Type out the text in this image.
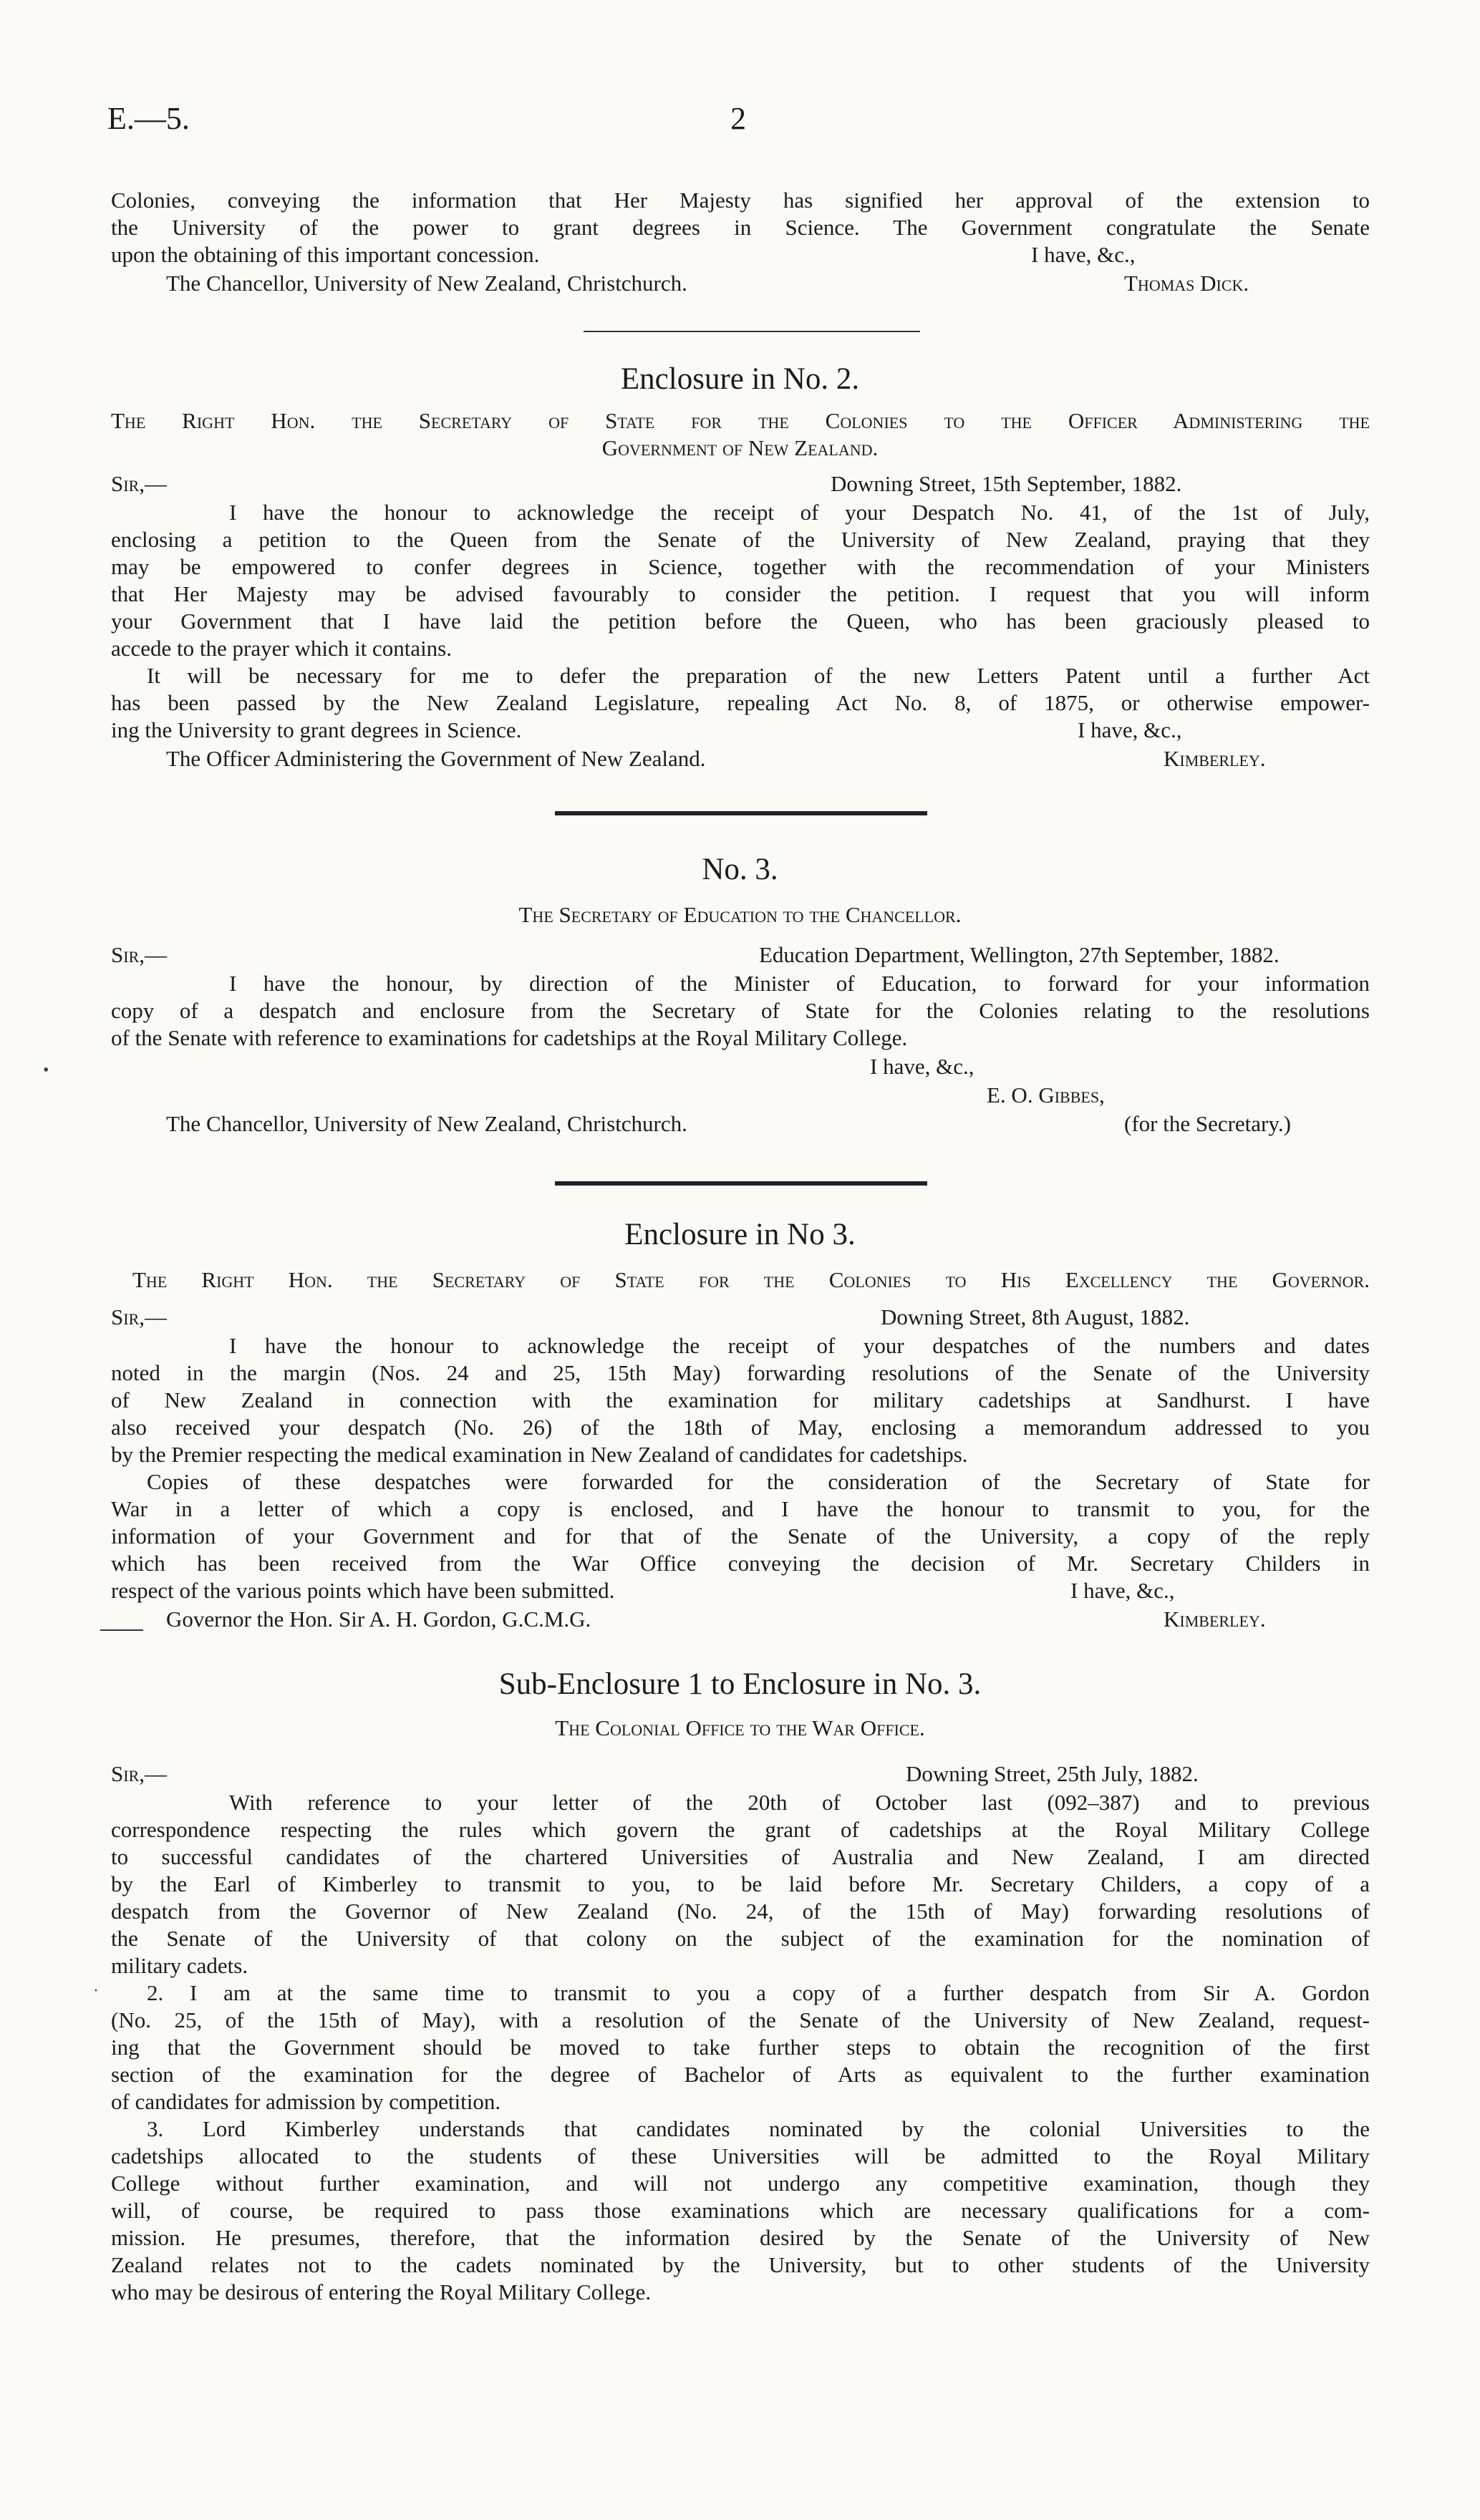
E.—5.	2
Colonies, conveying the information that Her Majesty has signified her approval of the extension to
the University of the power to grant degrees in Science. The Government congratulate the Senate
upon the obtaining of this important concession.	I have, &c.,
The Chancellor, University of New Zealand, Christchurch.	Thomas Dick.
Enclosure in No. 2.
The Right Hon. the Secretary of State for the Colonies to the Officer Administering the
Government of New Zealand.
Sir,—	Downing Street, 15th September, 1882.
I have the honour to acknowledge the receipt of your Despatch No. 41, of the 1st of July,
enclosing a petition to the Queen from the Senate of the University of New Zealand, praying that they
may be empowered to confer degrees in Science, together with the recommendation of your Ministers
that Her Majesty may be advised favourably to consider the petition. I request that you will inform
your Government that I have laid the petition before the Queen, who has been graciously pleased to
accede to the prayer which it contains.
It will be necessary for me to defer the preparation of the new Letters Patent until a further Act
has been passed by the New Zealand Legislature, repealing Act No. 8, of 1875, or otherwise empower-
ing the University to grant degrees in Science.	I have, &c.,
The Officer Administering the Government of New Zealand.	Kimberley.
No. 3.
The Secretary of Education to the Chancellor.
Sir,—	Education Department, Wellington, 27th September, 1882.
I have the honour, by direction of the Minister of Education, to forward for your information
copy of a despatch and enclosure from the Secretary of State for the Colonies relating to the resolutions
of the Senate with reference to examinations for cadetships at the Royal Military College.
•	I have, &c.,
E. O. Gibbes,
The Chancellor, University of New Zealand, Christchurch.	(for the Secretary.)
Enclosure in No 3.
The Right Hon. the Secretary of State for the Colonies to His Excellency the Governor.
Sir,—	Downing Street, 8th August, 1882.
I have the honour to acknowledge the receipt of your despatches of the numbers and dates
noted in the margin (Nos. 24 and 25, 15th May) forwarding resolutions of the Senate of the University
of New Zealand in connection with the examination for military cadetships at Sandhurst. I have
also received your despatch (No. 26) of the 18th of May, enclosing a memorandum addressed to you
by the Premier respecting the medical examination in New Zealand of candidates for cadetships.
Copies of these despatches were forwarded for the consideration of the Secretary of State for
War in a letter of which a copy is enclosed, and I have the honour to transmit to you, for the
information of your Government and for that of the Senate of the University, a copy of the reply
which has been received from the War Office conveying the decision of Mr. Secretary Childers in
respect of the various points which have been submitted.	I have, &c.,
Governor the Hon. Sir A. H. Gordon, G.C.M.G.	Kimberley.
Sub-Enclosure 1 to Enclosure in No. 3.
The Colonial Office to the War Office.
Sir,—	Downing Street, 25th July, 1882.
With reference to your letter of the 20th of October last (092–387) and to previous
correspondence respecting the rules which govern the grant of cadetships at the Royal Military College
to successful candidates of the chartered Universities of Australia and New Zealand, I am directed
by the Earl of Kimberley to transmit to you, to be laid before Mr. Secretary Childers, a copy of a
despatch from the Governor of New Zealand (No. 24, of the 15th of May) forwarding resolutions of
the Senate of the University of that colony on the subject of the examination for the nomination of
military cadets.
· 2. I am at the same time to transmit to you a copy of a further despatch from Sir A. Gordon
(No. 25, of the 15th of May), with a resolution of the Senate of the University of New Zealand, request-
ing that the Government should be moved to take further steps to obtain the recognition of the first
section of the examination for the degree of Bachelor of Arts as equivalent to the further examination
of candidates for admission by competition.
3. Lord Kimberley understands that candidates nominated by the colonial Universities to the
cadetships allocated to the students of these Universities will be admitted to the Royal Military
College without further examination, and will not undergo any competitive examination, though they
will, of course, be required to pass those examinations which are necessary qualifications for a com-
mission. He presumes, therefore, that the information desired by the Senate of the University of New
Zealand relates not to the cadets nominated by the University, but to other students of the University
who may be desirous of entering the Royal Military College.
